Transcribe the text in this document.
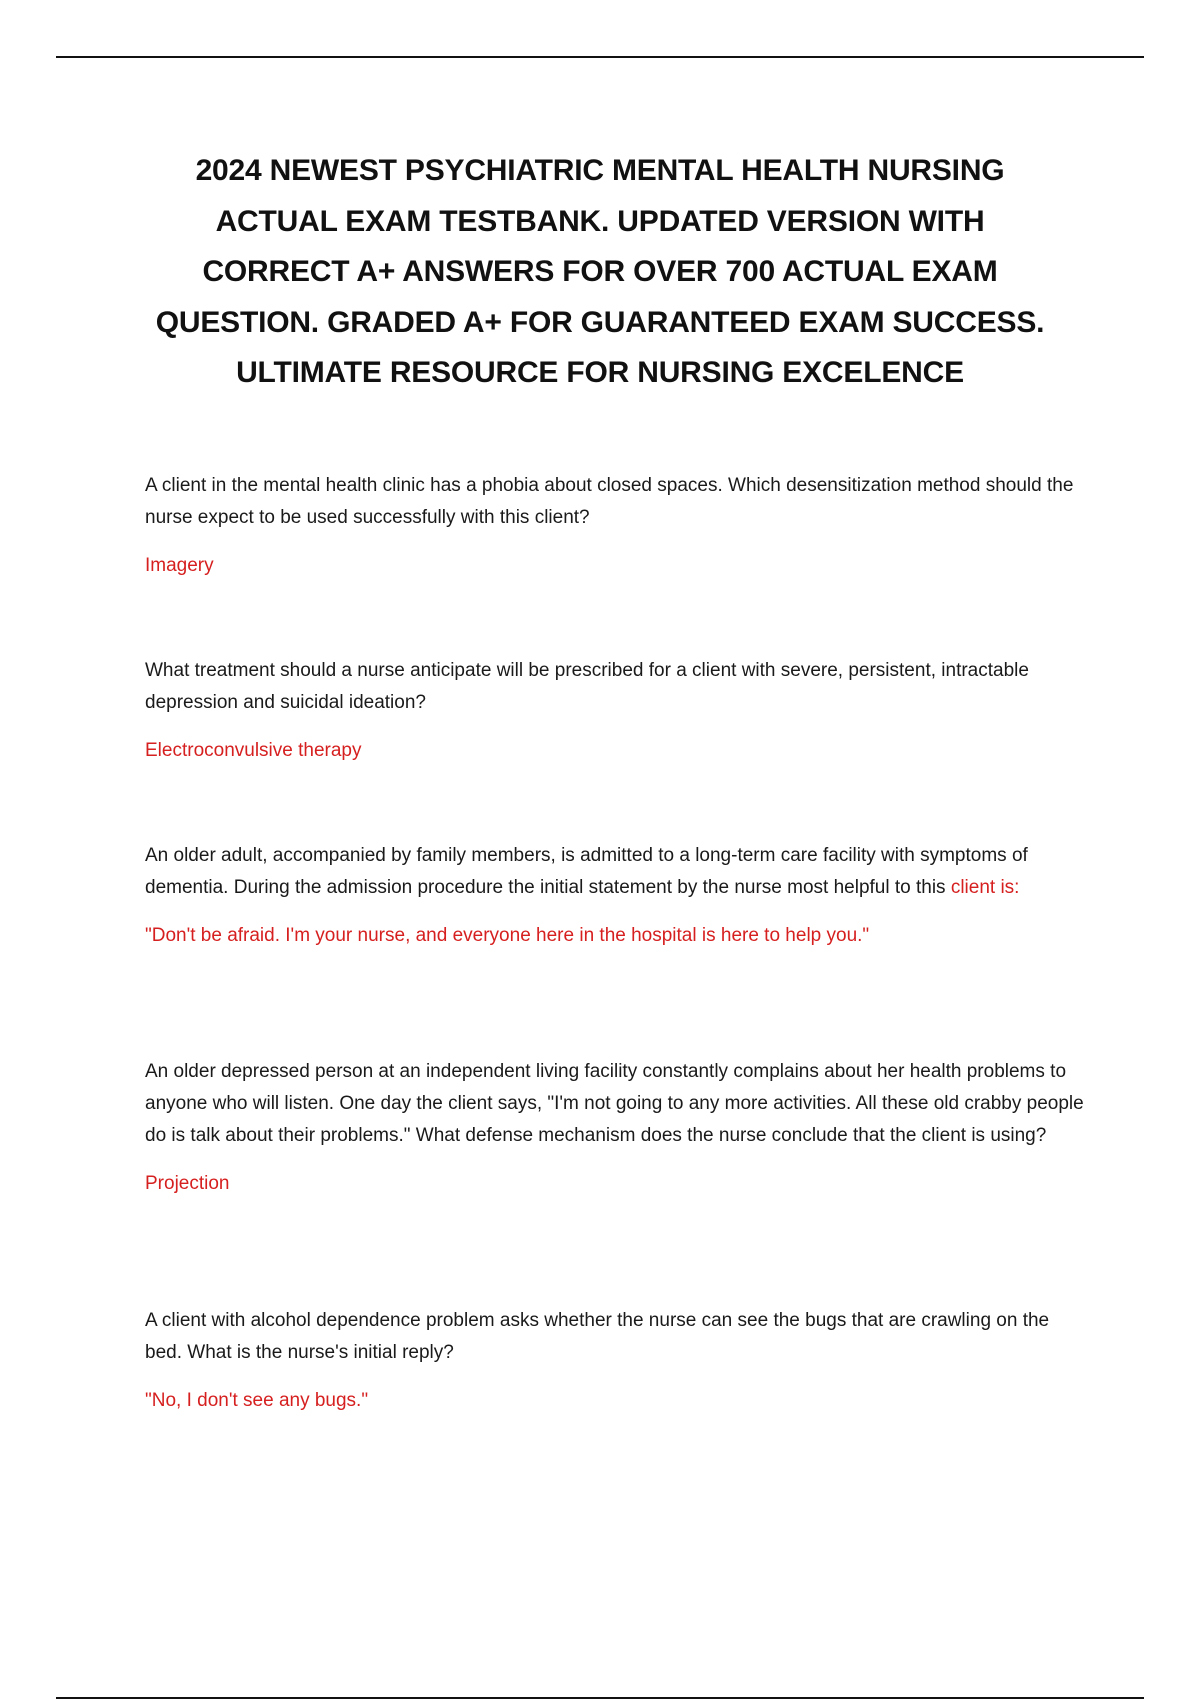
2024 NEWEST PSYCHIATRIC MENTAL HEALTH NURSING ACTUAL EXAM TESTBANK. UPDATED VERSION WITH CORRECT A+ ANSWERS FOR OVER 700 ACTUAL EXAM QUESTION. GRADED A+ FOR GUARANTEED EXAM SUCCESS. ULTIMATE RESOURCE FOR NURSING EXCELENCE

A client in the mental health clinic has a phobia about closed spaces. Which desensitization method should the nurse expect to be used successfully with this client?

Imagery

What treatment should a nurse anticipate will be prescribed for a client with severe, persistent, intractable depression and suicidal ideation?

Electroconvulsive therapy

An older adult, accompanied by family members, is admitted to a long-term care facility with symptoms of dementia. During the admission procedure the initial statement by the nurse most helpful to this client is:

"Don't be afraid. I'm your nurse, and everyone here in the hospital is here to help you."

An older depressed person at an independent living facility constantly complains about her health problems to anyone who will listen. One day the client says, "I'm not going to any more activities. All these old crabby people do is talk about their problems." What defense mechanism does the nurse conclude that the client is using?

Projection

A client with alcohol dependence problem asks whether the nurse can see the bugs that are crawling on the bed. What is the nurse's initial reply?

"No, I don't see any bugs."
